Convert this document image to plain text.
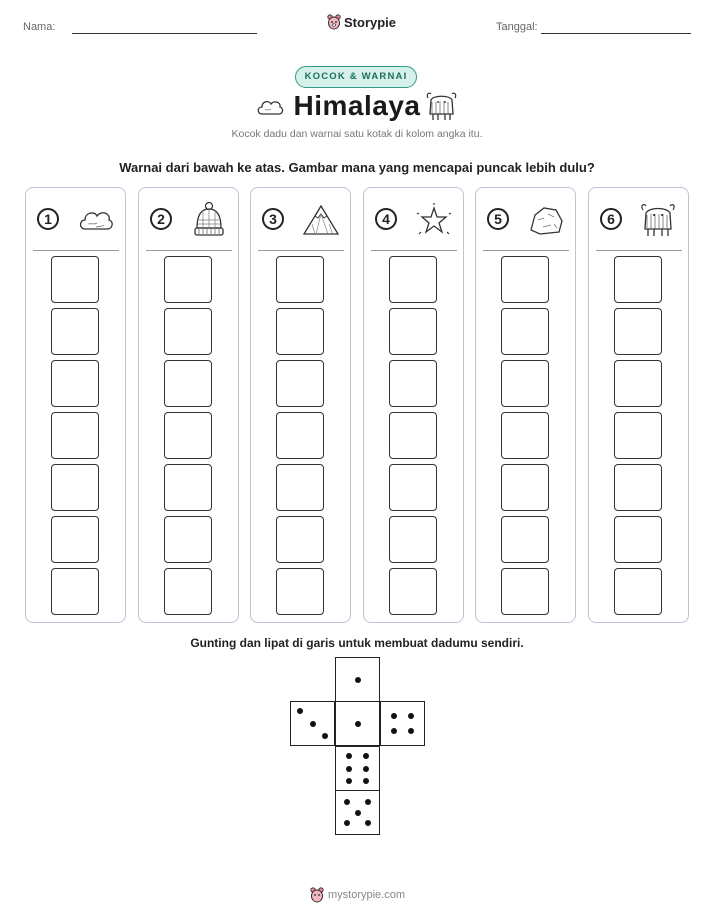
Nama:	Storypie	Tanggal:
KOCOK & WARNAI
Himalaya
Kocok dadu dan warnai satu kotak di kolom angka itu.
Warnai dari bawah ke atas. Gambar mana yang mencapai puncak lebih dulu?
1	2	3	4	5	6
Gunting dan lipat di garis untuk membuat dadumu sendiri.
mystorypie.com
